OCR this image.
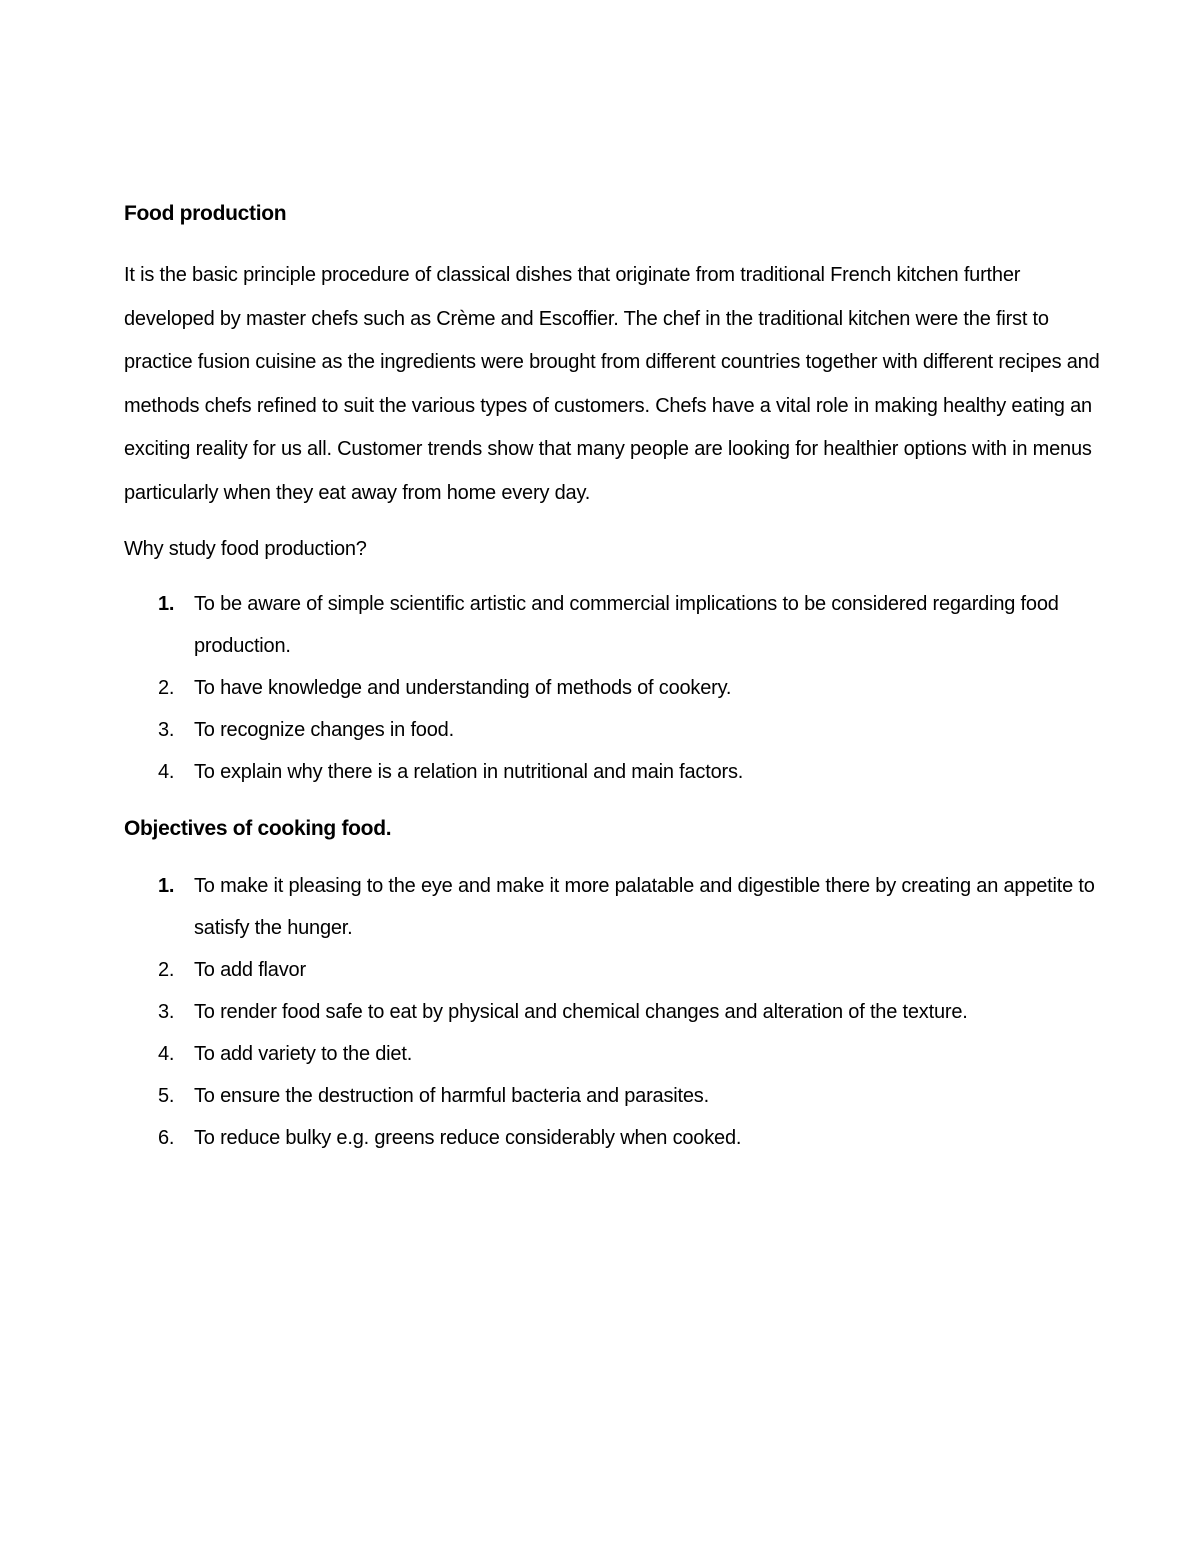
Food production

It is the basic principle procedure of classical dishes that originate from traditional French kitchen further developed by master chefs such as Crème and Escoffier. The chef in the traditional kitchen were the first to practice fusion cuisine as the ingredients were brought from different countries together with different recipes and methods chefs refined to suit the various types of customers. Chefs have a vital role in making healthy eating an exciting reality for us all. Customer trends show that many people are looking for healthier options with in menus particularly when they eat away from home every day.

Why study food production?

1. To be aware of simple scientific artistic and commercial implications to be considered regarding food production.
2. To have knowledge and understanding of methods of cookery.
3. To recognize changes in food.
4. To explain why there is a relation in nutritional and main factors.
Objectives of cooking food.
1. To make it pleasing to the eye and make it more palatable and digestible there by creating an appetite to satisfy the hunger.
2. To add flavor
3. To render food safe to eat by physical and chemical changes and alteration of the texture.
4. To add variety to the diet.
5. To ensure the destruction of harmful bacteria and parasites.
6. To reduce bulky e.g. greens reduce considerably when cooked.
